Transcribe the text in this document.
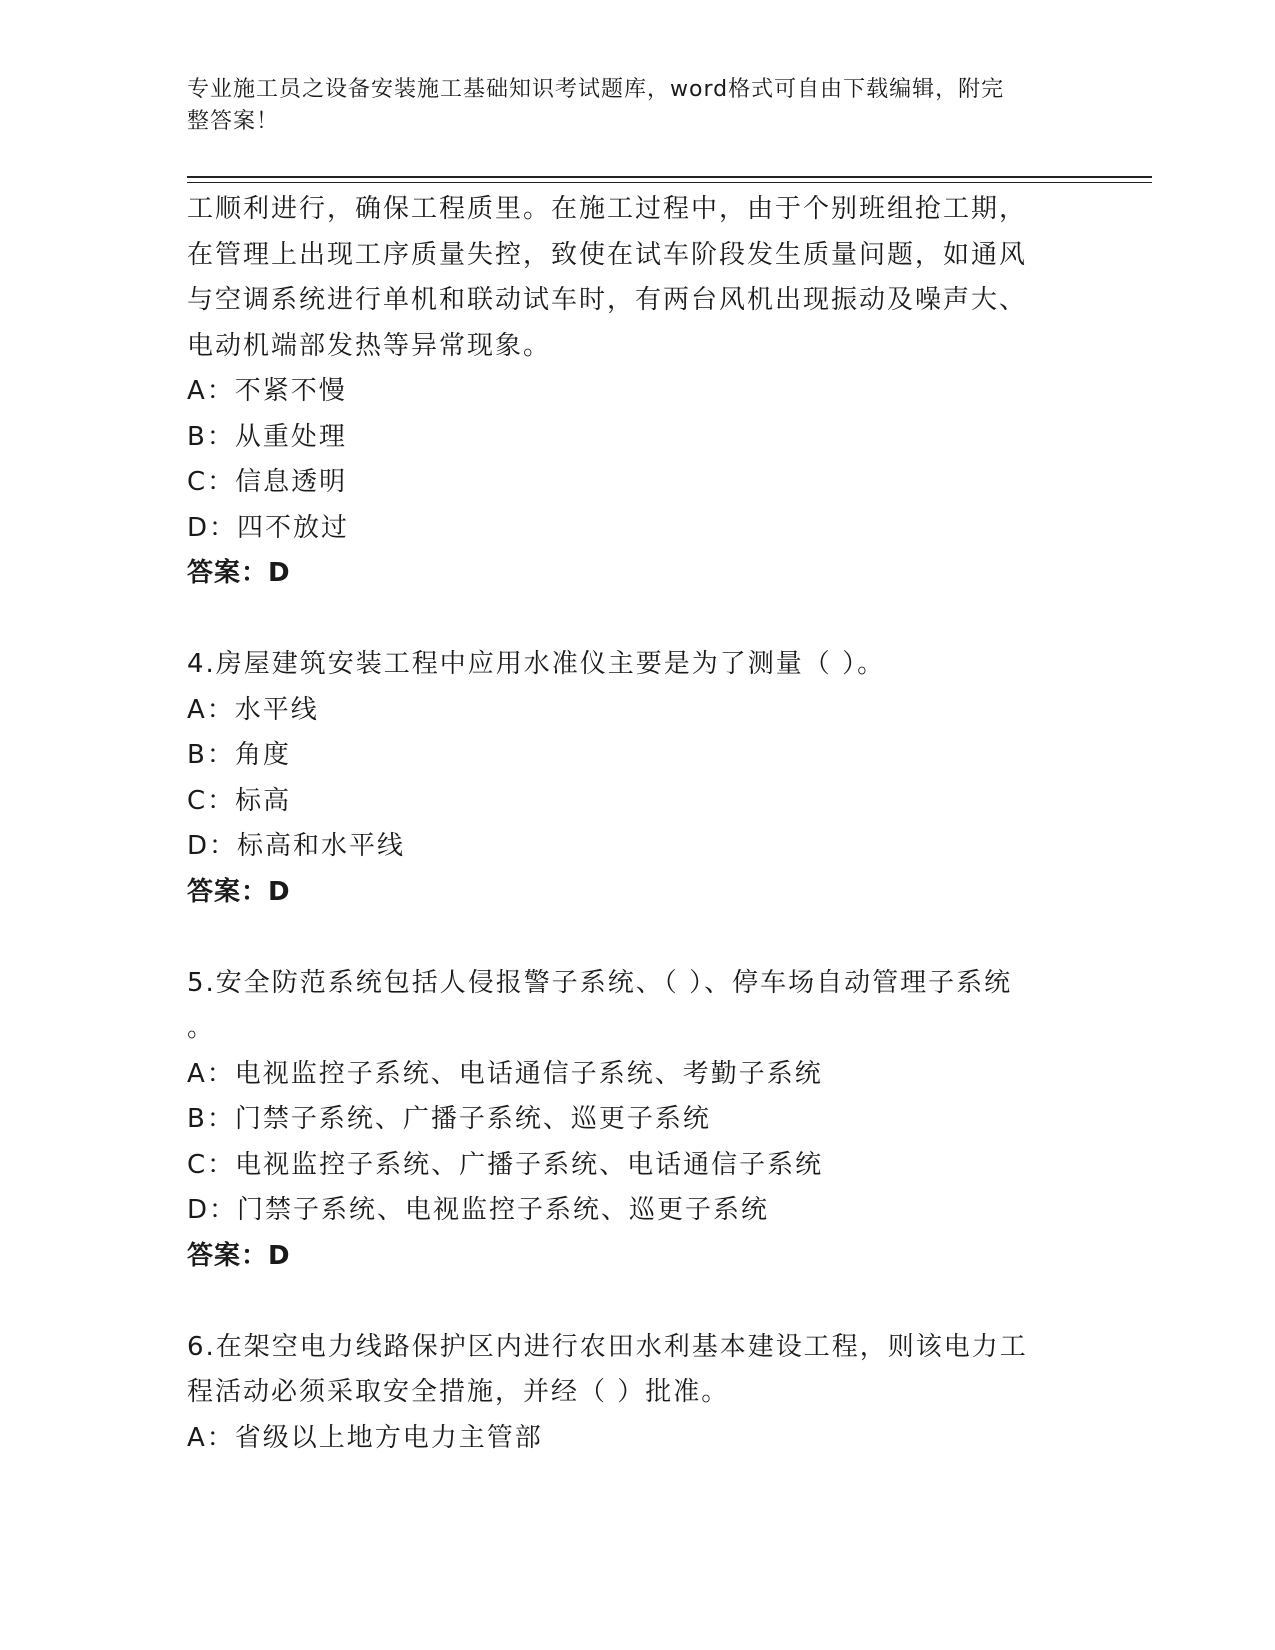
专业施工员之设备安装施工基础知识考试题库，word格式可自由下载编辑，附完
整答案！
工顺利进行，确保工程质里。在施工过程中，由于个别班组抢工期，
在管理上出现工序质量失控，致使在试车阶段发生质量问题，如通风
与空调系统进行单机和联动试车时，有两台风机出现振动及噪声大、
电动机端部发热等异常现象。
A：不紧不慢
B：从重处理
C：信息透明
D：四不放过
答案：D
4.房屋建筑安装工程中应用水准仪主要是为了测量（ ）。
A：水平线
B：角度
C：标高
D：标高和水平线
答案：D
5.安全防范系统包括人侵报警子系统、（ ）、停车场自动管理子系统
。
A：电视监控子系统、电话通信子系统、考勤子系统
B：门禁子系统、广播子系统、巡更子系统
C：电视监控子系统、广播子系统、电话通信子系统
D：门禁子系统、电视监控子系统、巡更子系统
答案：D
6.在架空电力线路保护区内进行农田水利基本建设工程，则该电力工
程活动必须采取安全措施，并经（ ）批准。
A：省级以上地方电力主管部
